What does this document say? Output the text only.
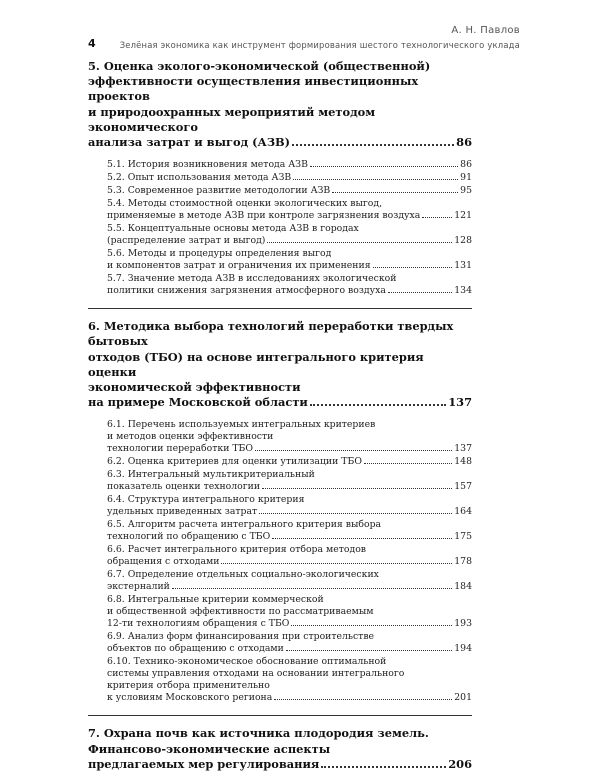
4
А. Н. Павлов
Зелёная экономика как инструмент формирования шестого технологического уклада
5. Оценка эколого-экономической (общественной)
эффективности осуществления инвестиционных проектов
и природоохранных мероприятий методом экономического
анализа затрат и выгод (АЗВ)	86
5.1. История возникновения метода АЗВ	86
5.2. Опыт использования метода АЗВ	91
5.3. Современное развитие методологии АЗВ	95
5.4. Методы стоимостной оценки экологических выгод,
применяемые в методе АЗВ при контроле загрязнения воздуха	121
5.5. Концептуальные основы метода АЗВ в городах
(распределение затрат и выгод)	128
5.6. Методы и процедуры определения выгод
и компонентов затрат и ограничения их применения	131
5.7. Значение метода АЗВ в исследованиях экологической
политики снижения загрязнения атмосферного воздуха	134
6. Методика выбора технологий переработки твердых бытовых
отходов (ТБО) на основе интегрального критерия оценки
экономической эффективности
на примере Московской области	137
6.1. Перечень используемых интегральных критериев
и методов оценки эффективности
технологии переработки ТБО	137
6.2. Оценка критериев для оценки утилизации ТБО	148
6.3. Интегральный мультикритериальный
показатель оценки технологии	157
6.4. Структура интегрального критерия
удельных приведенных затрат	164
6.5. Алгоритм расчета интегрального критерия выбора
технологий по обращению с ТБО	175
6.6. Расчет интегрального критерия отбора методов
обращения с отходами	178
6.7. Определение отдельных социально-экологических
экстерналий	184
6.8. Интегральные критерии коммерческой
и общественной эффективности по рассматриваемым
12-ти технологиям обращения с ТБО	193
6.9. Анализ форм финансирования при строительстве
объектов по обращению с отходами	194
6.10. Технико-экономическое обоснование оптимальной
системы управления отходами на основании интегрального
критерия отбора применительно
к условиям Московского региона	201
7. Охрана почв как источника плодородия земель.
Финансово-экономические аспекты
предлагаемых мер регулирования	206
